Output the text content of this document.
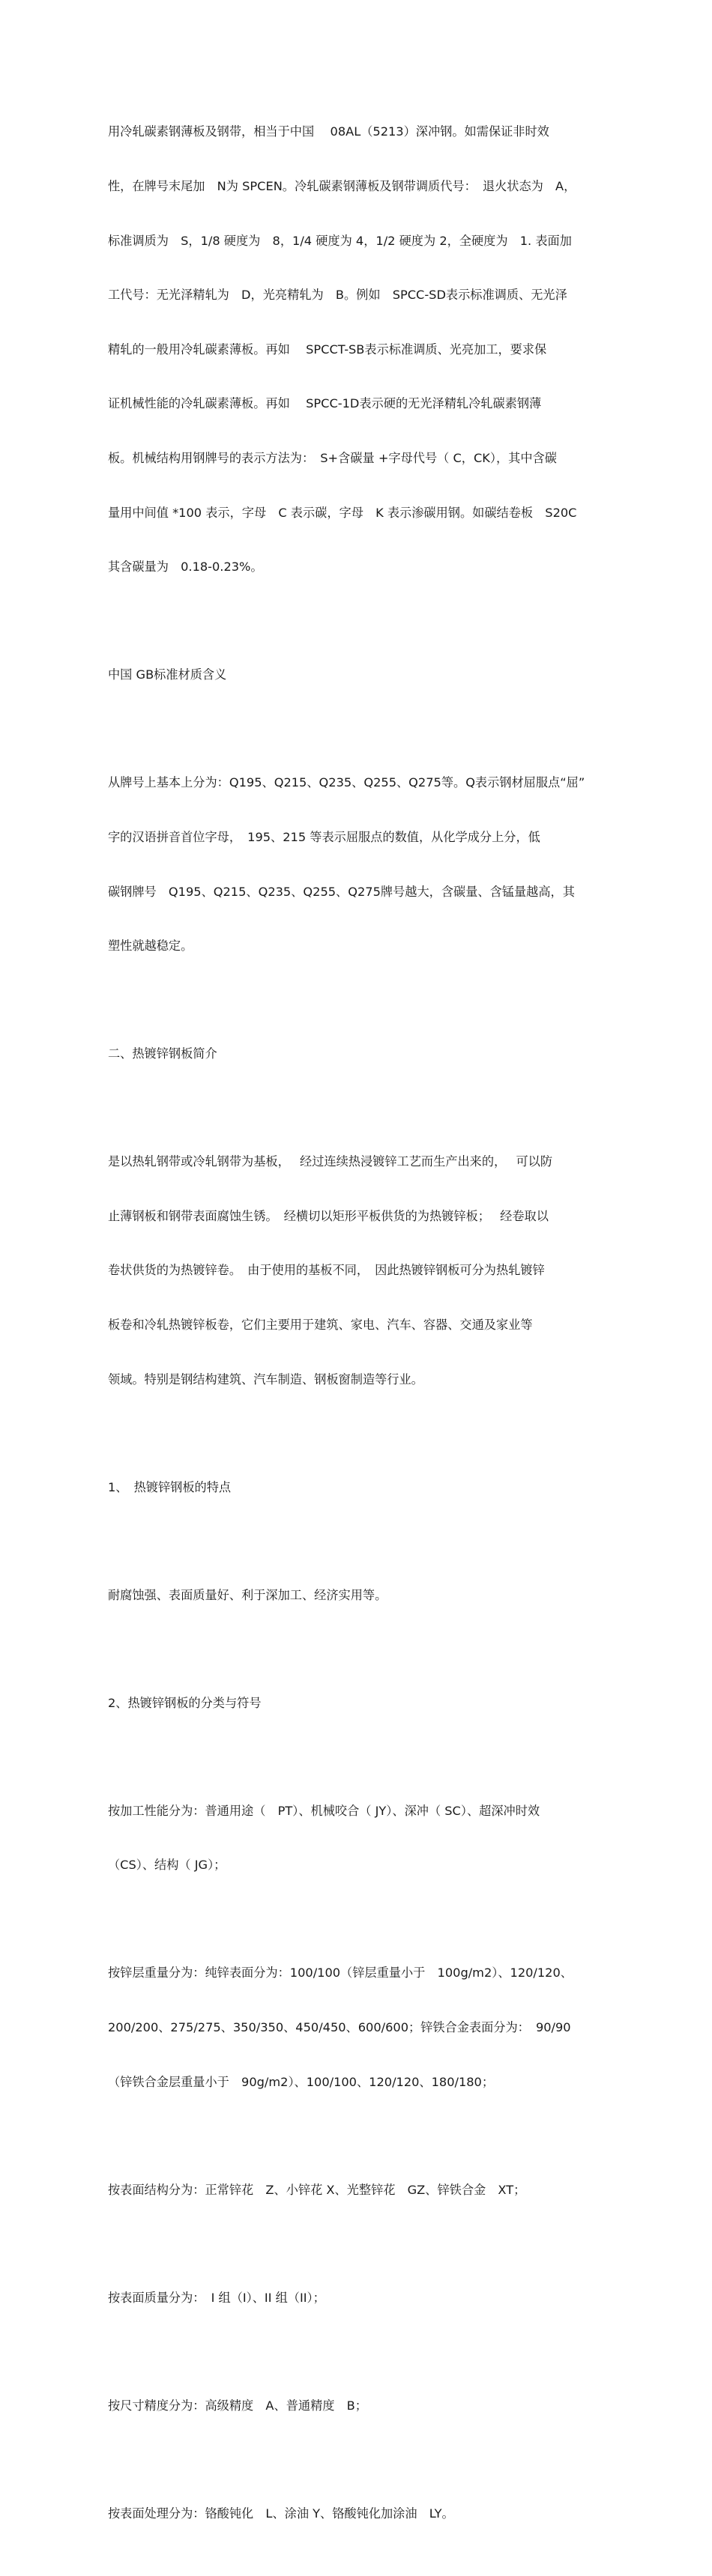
用冷轧碳素钢薄板及钢带，相当于中国　 08AL（5213）深冲钢。如需保证非时效

性，在牌号末尾加　N为 SPCEN。冷轧碳素钢薄板及钢带调质代号：　退火状态为　A，

标准调质为　S，1/8 硬度为　8，1/4 硬度为 4，1/2 硬度为 2，全硬度为　1. 表面加

工代号：无光泽精轧为　D，光亮精轧为　B。例如　SPCC-SD表示标准调质、无光泽

精轧的一般用冷轧碳素薄板。再如　 SPCCT-SB表示标准调质、光亮加工，要求保

证机械性能的冷轧碳素薄板。再如　 SPCC-1D表示硬的无光泽精轧冷轧碳素钢薄

板。机械结构用钢牌号的表示方法为：　S+含碳量 +字母代号（ C，CK），其中含碳

量用中间值 *100 表示，字母　C 表示碳，字母　K 表示渗碳用钢。如碳结卷板　S20C

其含碳量为　0.18-0.23%。

中国 GB标准材质含义

从牌号上基本上分为：Q195、Q215、Q235、Q255、Q275等。Q表示钢材屈服点“屈”

字的汉语拼音首位字母，　195、215 等表示屈服点的数值，从化学成分上分，低

碳钢牌号　Q195、Q215、Q235、Q255、Q275牌号越大，含碳量、含锰量越高，其

塑性就越稳定。

二、热镀锌钢板简介

是以热轧钢带或冷轧钢带为基板，　 经过连续热浸镀锌工艺而生产出来的，　 可以防

止薄钢板和钢带表面腐蚀生锈。　经横切以矩形平板供货的为热镀锌板；　 经卷取以

卷状供货的为热镀锌卷。　由于使用的基板不同，　因此热镀锌钢板可分为热轧镀锌

板卷和冷轧热镀锌板卷，它们主要用于建筑、家电、汽车、容器、交通及家业等

领域。特别是钢结构建筑、汽车制造、钢板窗制造等行业。

1、　热镀锌钢板的特点

耐腐蚀强、表面质量好、利于深加工、经济实用等。

2、热镀锌钢板的分类与符号

按加工性能分为：普通用途（　PT）、机械咬合（ JY）、深冲（ SC）、超深冲时效

（CS）、结构（ JG）；

按锌层重量分为：纯锌表面分为：100/100（锌层重量小于　100g/m2）、120/120、

200/200、275/275、350/350、450/450、600/600；锌铁合金表面分为：　90/90

（锌铁合金层重量小于　90g/m2）、100/100、120/120、180/180；

按表面结构分为：正常锌花　Z、小锌花 X、光整锌花　GZ、锌铁合金　XT；

按表面质量分为：　I 组（I）、II 组（II）；

按尺寸精度分为：高级精度　A、普通精度　B；

按表面处理分为：铬酸钝化　L、涂油 Y、铬酸钝化加涂油　LY。
